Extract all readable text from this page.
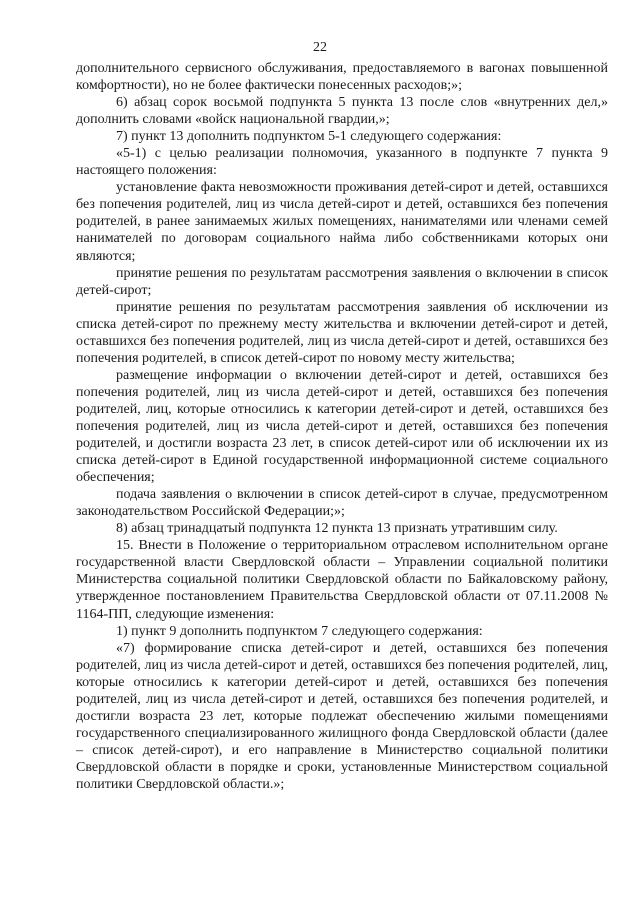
22

дополнительного сервисного обслуживания, предоставляемого в вагонах повышенной комфортности), но не более фактически понесенных расходов;»;

6) абзац сорок восьмой подпункта 5 пункта 13 после слов «внутренних дел,» дополнить словами «войск национальной гвардии,»;

7) пункт 13 дополнить подпунктом 5-1 следующего содержания:

«5-1) с целью реализации полномочия, указанного в подпункте 7 пункта 9 настоящего положения:

установление факта невозможности проживания детей-сирот и детей, оставшихся без попечения родителей, лиц из числа детей-сирот и детей, оставшихся без попечения родителей, в ранее занимаемых жилых помещениях, нанимателями или членами семей нанимателей по договорам социального найма либо собственниками которых они являются;

принятие решения по результатам рассмотрения заявления о включении в список детей-сирот;

принятие решения по результатам рассмотрения заявления об исключении из списка детей-сирот по прежнему месту жительства и включении детей-сирот и детей, оставшихся без попечения родителей, лиц из числа детей-сирот и детей, оставшихся без попечения родителей, в список детей-сирот по новому месту жительства;

размещение информации о включении детей-сирот и детей, оставшихся без попечения родителей, лиц из числа детей-сирот и детей, оставшихся без попечения родителей, лиц, которые относились к категории детей-сирот и детей, оставшихся без попечения родителей, лиц из числа детей-сирот и детей, оставшихся без попечения родителей, и достигли возраста 23 лет, в список детей-сирот или об исключении их из списка детей-сирот в Единой государственной информационной системе социального обеспечения;

подача заявления о включении в список детей-сирот в случае, предусмотренном законодательством Российской Федерации;»;

8) абзац тринадцатый подпункта 12 пункта 13 признать утратившим силу.

15. Внести в Положение о территориальном отраслевом исполнительном органе государственной власти Свердловской области – Управлении социальной политики Министерства социальной политики Свердловской области по Байкаловскому району, утвержденное постановлением Правительства Свердловской области от 07.11.2008 № 1164-ПП, следующие изменения:

1) пункт 9 дополнить подпунктом 7 следующего содержания:

«7) формирование списка детей-сирот и детей, оставшихся без попечения родителей, лиц из числа детей-сирот и детей, оставшихся без попечения родителей, лиц, которые относились к категории детей-сирот и детей, оставшихся без попечения родителей, лиц из числа детей-сирот и детей, оставшихся без попечения родителей, и достигли возраста 23 лет, которые подлежат обеспечению жилыми помещениями государственного специализированного жилищного фонда Свердловской области (далее – список детей-сирот), и его направление в Министерство социальной политики Свердловской области в порядке и сроки, установленные Министерством социальной политики Свердловской области.»;
